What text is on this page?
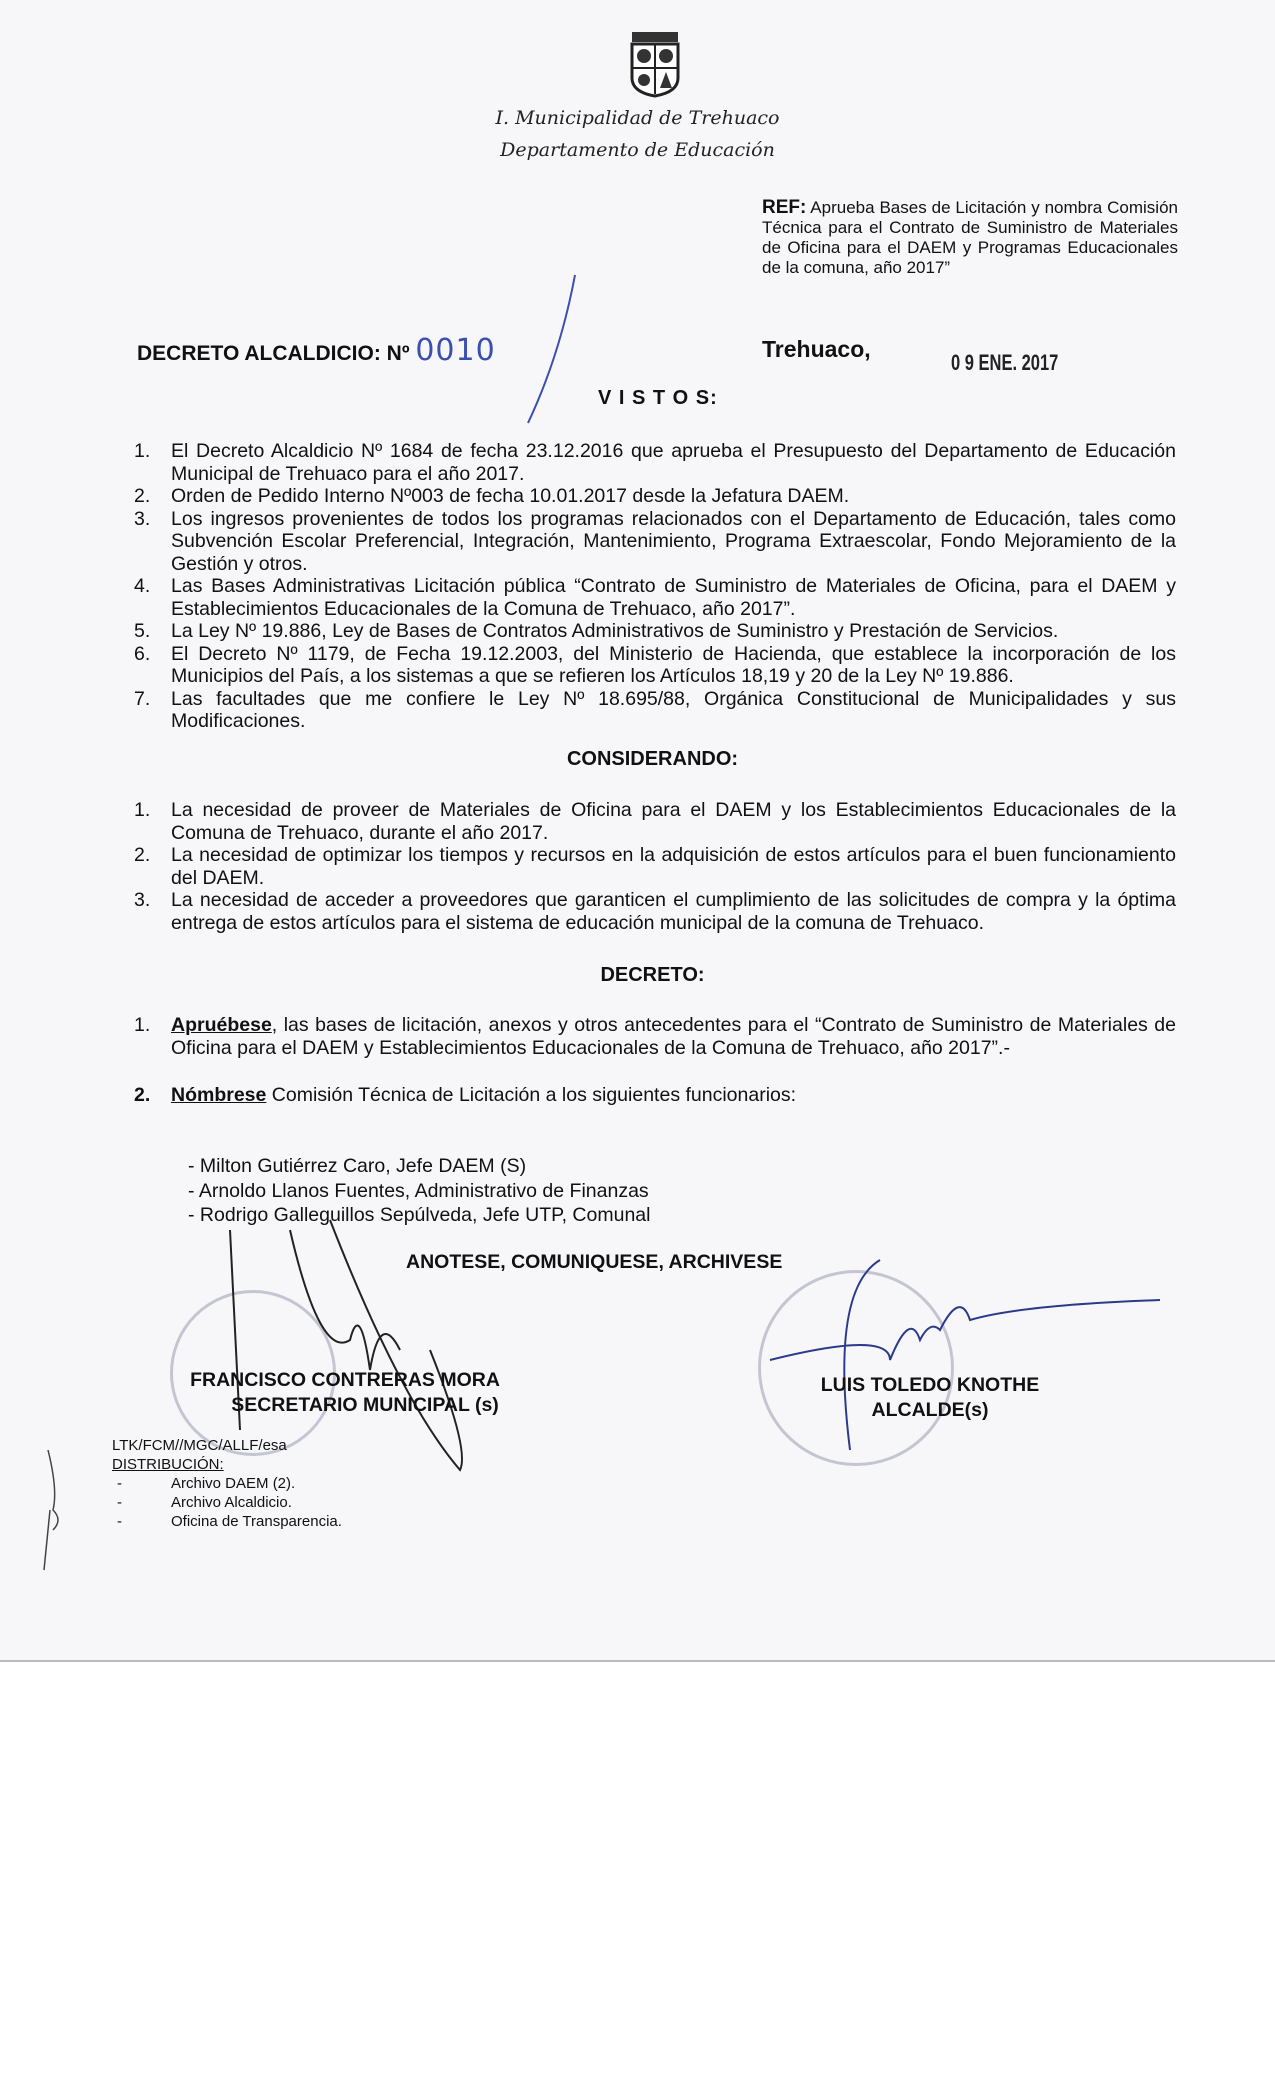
I. Municipalidad de Trehuaco
Departamento de Educación
REF: Aprueba Bases de Licitación y nombra Comisión Técnica para el Contrato de Suministro de Materiales de Oficina para el DAEM y Programas Educacionales de la comuna, año 2017”
DECRETO ALCALDICIO: Nº 0010	Trehuaco,
0 9 ENE. 2017
V I S T O S:
1.	El Decreto Alcaldicio Nº 1684 de fecha 23.12.2016 que aprueba el Presupuesto del Departamento de Educación Municipal de Trehuaco para el año 2017.
2.	Orden de Pedido Interno Nº003 de fecha 10.01.2017 desde la Jefatura DAEM.
3.	Los ingresos provenientes de todos los programas relacionados con el Departamento de Educación, tales como Subvención Escolar Preferencial, Integración, Mantenimiento, Programa Extraescolar, Fondo Mejoramiento de la Gestión y otros.
4.	Las Bases Administrativas Licitación pública “Contrato de Suministro de Materiales de Oficina, para el DAEM y Establecimientos Educacionales de la Comuna de Trehuaco, año 2017”.
5.	La Ley Nº 19.886, Ley de Bases de Contratos Administrativos de Suministro y Prestación de Servicios.
6.	El Decreto Nº 1179, de Fecha 19.12.2003, del Ministerio de Hacienda, que establece la incorporación de los Municipios del País, a los sistemas a que se refieren los Artículos 18,19 y 20 de la Ley Nº 19.886.
7.	Las facultades que me confiere le Ley Nº 18.695/88, Orgánica Constitucional de Municipalidades y sus Modificaciones.
CONSIDERANDO:
1.	La necesidad de proveer de Materiales de Oficina para el DAEM y los Establecimientos Educacionales de la Comuna de Trehuaco, durante el año 2017.
2.	La necesidad de optimizar los tiempos y recursos en la adquisición de estos artículos para el buen funcionamiento del DAEM.
3.	La necesidad de acceder a proveedores que garanticen el cumplimiento de las solicitudes de compra y la óptima entrega de estos artículos para el sistema de educación municipal de la comuna de Trehuaco.
DECRETO:
1.	Apruébese, las bases de licitación, anexos y otros antecedentes para el “Contrato de Suministro de Materiales de Oficina para el DAEM y Establecimientos Educacionales de la Comuna de Trehuaco, año 2017”.-
2.	Nómbrese Comisión Técnica de Licitación a los siguientes funcionarios:
- Milton Gutiérrez Caro, Jefe DAEM (S)
- Arnoldo Llanos Fuentes, Administrativo de Finanzas
- Rodrigo Galleguillos Sepúlveda, Jefe UTP, Comunal
ANOTESE, COMUNIQUESE, ARCHIVESE
FRANCISCO CONTRERAS MORA
SECRETARIO MUNICIPAL (s)
LUIS TOLEDO KNOTHE
ALCALDE(s)
LTK/FCM//MGC/ALLF/esa
DISTRIBUCIÓN:
-	Archivo DAEM (2).
-	Archivo Alcaldicio.
-	Oficina de Transparencia.
